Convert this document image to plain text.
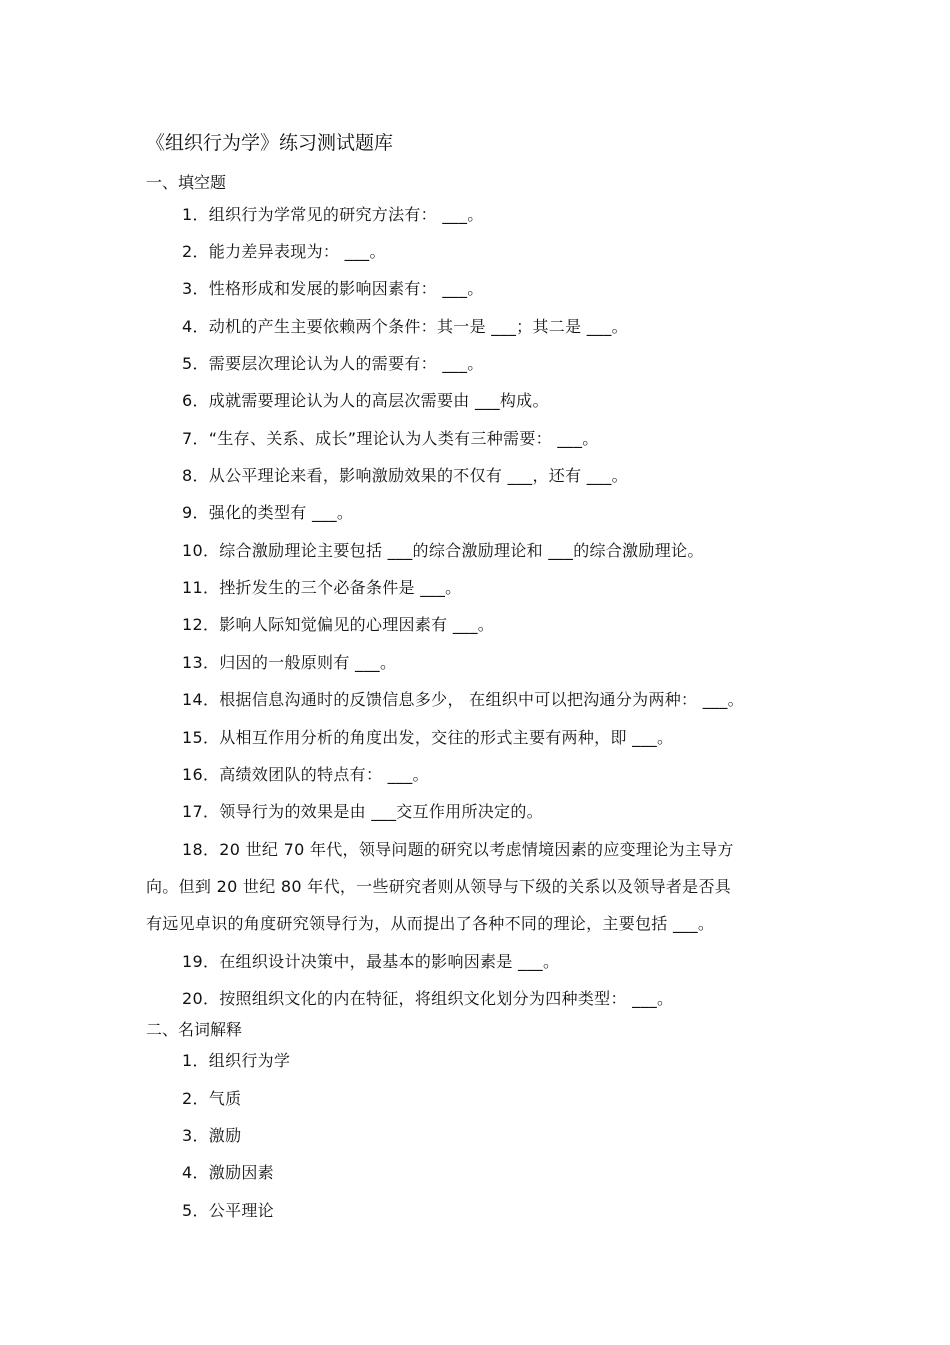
《组织行为学》练习测试题库
一、填空题
1．组织行为学常见的研究方法有： ___。
2．能力差异表现为： ___。
3．性格形成和发展的影响因素有： ___。
4．动机的产生主要依赖两个条件：其一是 ___；其二是 ___。
5．需要层次理论认为人的需要有： ___。
6．成就需要理论认为人的高层次需要由 ___构成。
7．“生存、关系、成长”理论认为人类有三种需要： ___。
8．从公平理论来看，影响激励效果的不仅有 ___，还有 ___。
9．强化的类型有 ___。
10．综合激励理论主要包括 ___的综合激励理论和 ___的综合激励理论。
11．挫折发生的三个必备条件是 ___。
12．影响人际知觉偏见的心理因素有 ___。
13．归因的一般原则有 ___。
14．根据信息沟通时的反馈信息多少， 在组织中可以把沟通分为两种： ___。
15．从相互作用分析的角度出发，交往的形式主要有两种，即 ___。
16．高绩效团队的特点有： ___。
17．领导行为的效果是由 ___交互作用所决定的。
18．20 世纪 70 年代，领导问题的研究以考虑情境因素的应变理论为主导方
向。但到 20 世纪 80 年代，一些研究者则从领导与下级的关系以及领导者是否具
有远见卓识的角度研究领导行为，从而提出了各种不同的理论，主要包括 ___。
19．在组织设计决策中，最基本的影响因素是 ___。
20．按照组织文化的内在特征，将组织文化划分为四种类型： ___。
二、名词解释
1．组织行为学
2．气质
3．激励
4．激励因素
5．公平理论
